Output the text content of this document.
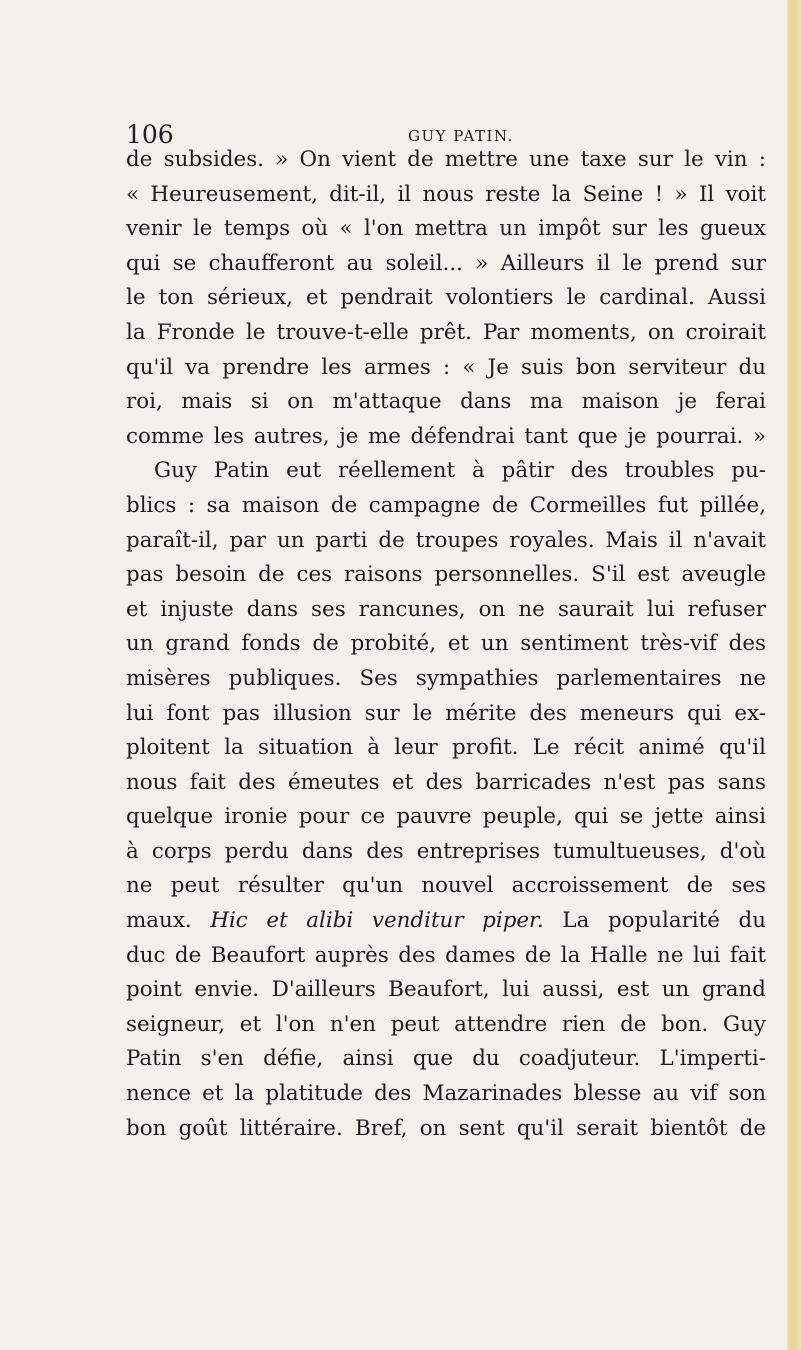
106	GUY PATIN.
de subsides. » On vient de mettre une taxe sur le vin :
« Heureusement, dit-il, il nous reste la Seine ! » Il voit
venir le temps où « l'on mettra un impôt sur les gueux
qui se chaufferont au soleil... » Ailleurs il le prend sur
le ton sérieux, et pendrait volontiers le cardinal. Aussi
la Fronde le trouve-t-elle prêt. Par moments, on croirait
qu'il va prendre les armes : « Je suis bon serviteur du
roi, mais si on m'attaque dans ma maison je ferai
comme les autres, je me défendrai tant que je pourrai. »
Guy Patin eut réellement à pâtir des troubles pu-
blics : sa maison de campagne de Cormeilles fut pillée,
paraît-il, par un parti de troupes royales. Mais il n'avait
pas besoin de ces raisons personnelles. S'il est aveugle
et injuste dans ses rancunes, on ne saurait lui refuser
un grand fonds de probité, et un sentiment très-vif des
misères publiques. Ses sympathies parlementaires ne
lui font pas illusion sur le mérite des meneurs qui ex-
ploitent la situation à leur profit. Le récit animé qu'il
nous fait des émeutes et des barricades n'est pas sans
quelque ironie pour ce pauvre peuple, qui se jette ainsi
à corps perdu dans des entreprises tumultueuses, d'où
ne peut résulter qu'un nouvel accroissement de ses
maux. Hic et alibi venditur piper. La popularité du
duc de Beaufort auprès des dames de la Halle ne lui fait
point envie. D'ailleurs Beaufort, lui aussi, est un grand
seigneur, et l'on n'en peut attendre rien de bon. Guy
Patin s'en défie, ainsi que du coadjuteur. L'imperti-
nence et la platitude des Mazarinades blesse au vif son
bon goût littéraire. Bref, on sent qu'il serait bientôt de
